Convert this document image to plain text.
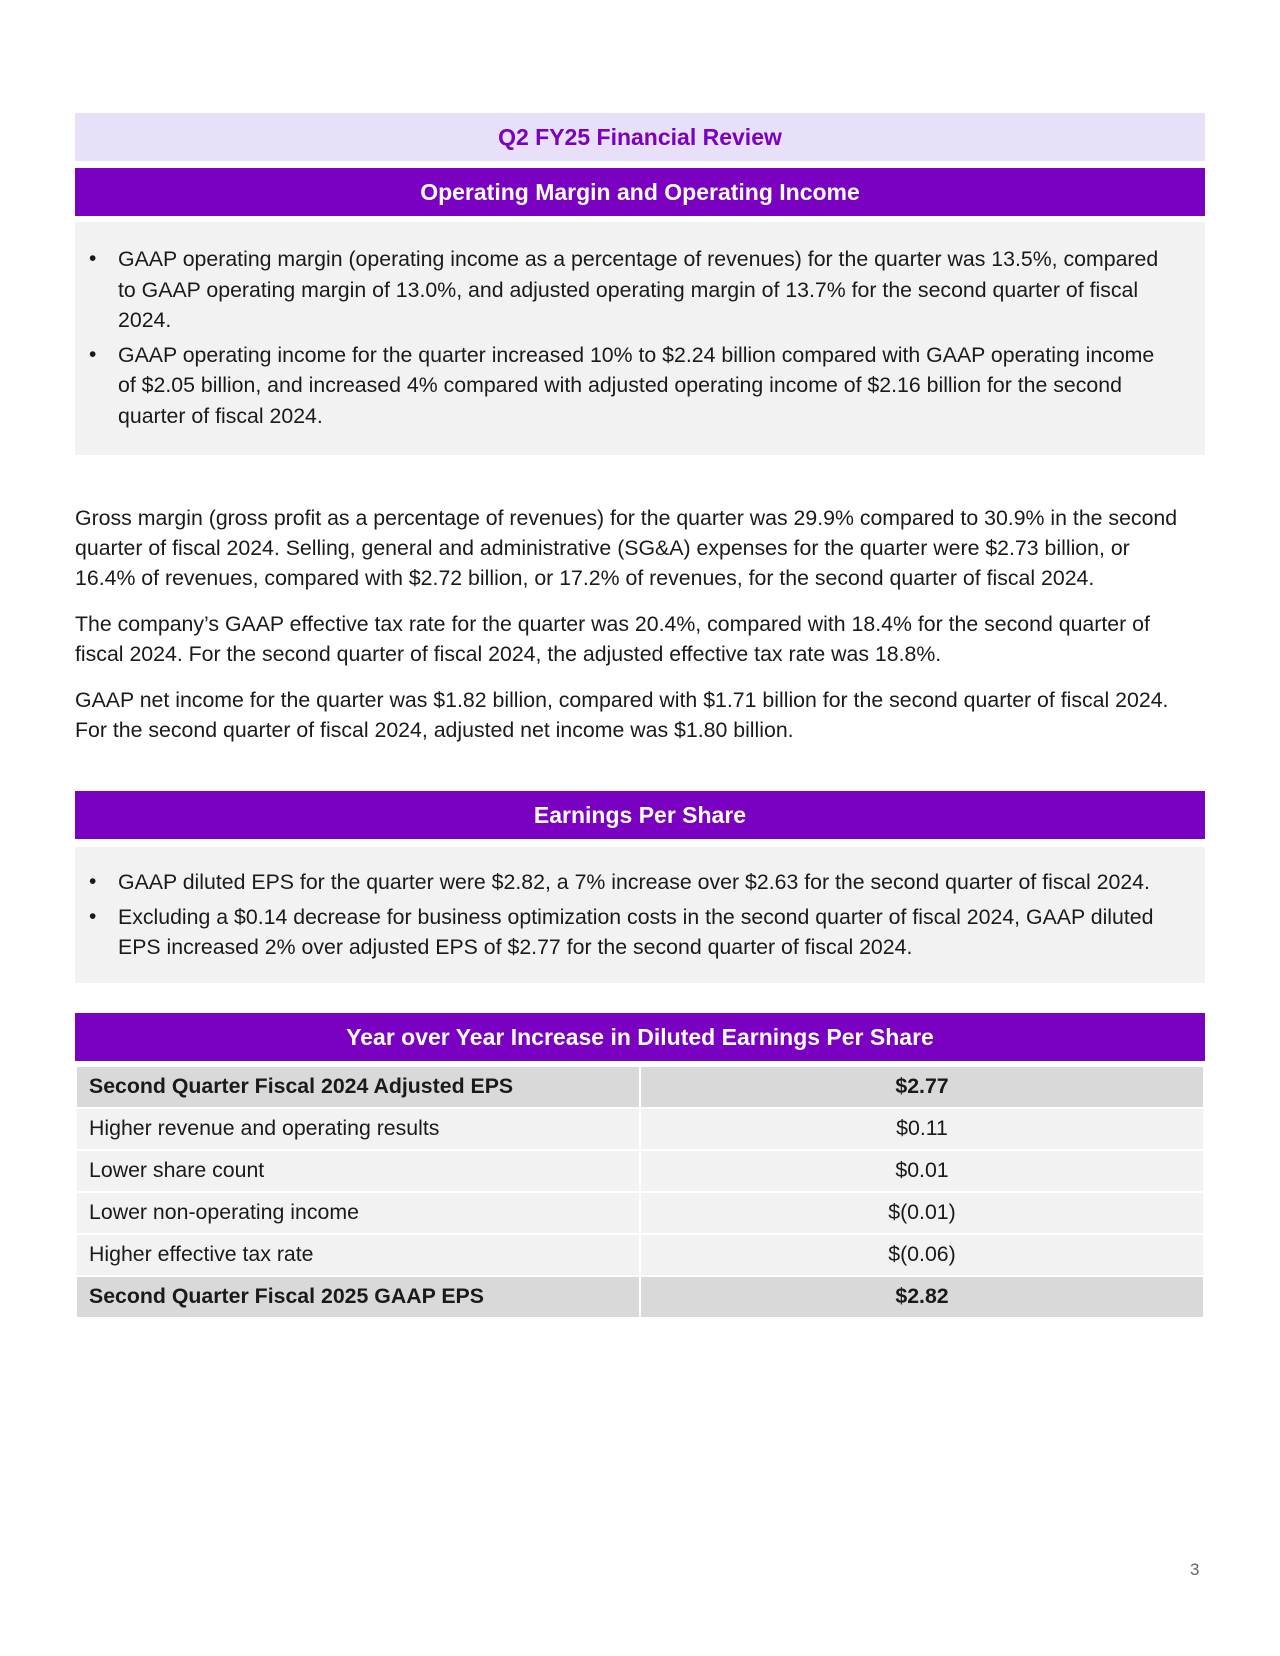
Q2 FY25 Financial Review
Operating Margin and Operating Income
• GAAP operating margin (operating income as a percentage of revenues) for the quarter was 13.5%, compared to GAAP operating margin of 13.0%, and adjusted operating margin of 13.7% for the second quarter of fiscal 2024.
• GAAP operating income for the quarter increased 10% to $2.24 billion compared with GAAP operating income of $2.05 billion, and increased 4% compared with adjusted operating income of $2.16 billion for the second quarter of fiscal 2024.

Gross margin (gross profit as a percentage of revenues) for the quarter was 29.9% compared to 30.9% in the second quarter of fiscal 2024. Selling, general and administrative (SG&A) expenses for the quarter were $2.73 billion, or 16.4% of revenues, compared with $2.72 billion, or 17.2% of revenues, for the second quarter of fiscal 2024.

The company’s GAAP effective tax rate for the quarter was 20.4%, compared with 18.4% for the second quarter of fiscal 2024. For the second quarter of fiscal 2024, the adjusted effective tax rate was 18.8%.

GAAP net income for the quarter was $1.82 billion, compared with $1.71 billion for the second quarter of fiscal 2024. For the second quarter of fiscal 2024, adjusted net income was $1.80 billion.

Earnings Per Share
• GAAP diluted EPS for the quarter were $2.82, a 7% increase over $2.63 for the second quarter of fiscal 2024.
• Excluding a $0.14 decrease for business optimization costs in the second quarter of fiscal 2024, GAAP diluted EPS increased 2% over adjusted EPS of $2.77 for the second quarter of fiscal 2024.
Year over Year Increase in Diluted Earnings Per Share
Second Quarter Fiscal 2024 Adjusted EPS	$2.77
Higher revenue and operating results	$0.11
Lower share count	$0.01
Lower non-operating income	$(0.01)
Higher effective tax rate	$(0.06)
Second Quarter Fiscal 2025 GAAP EPS	$2.82
3
